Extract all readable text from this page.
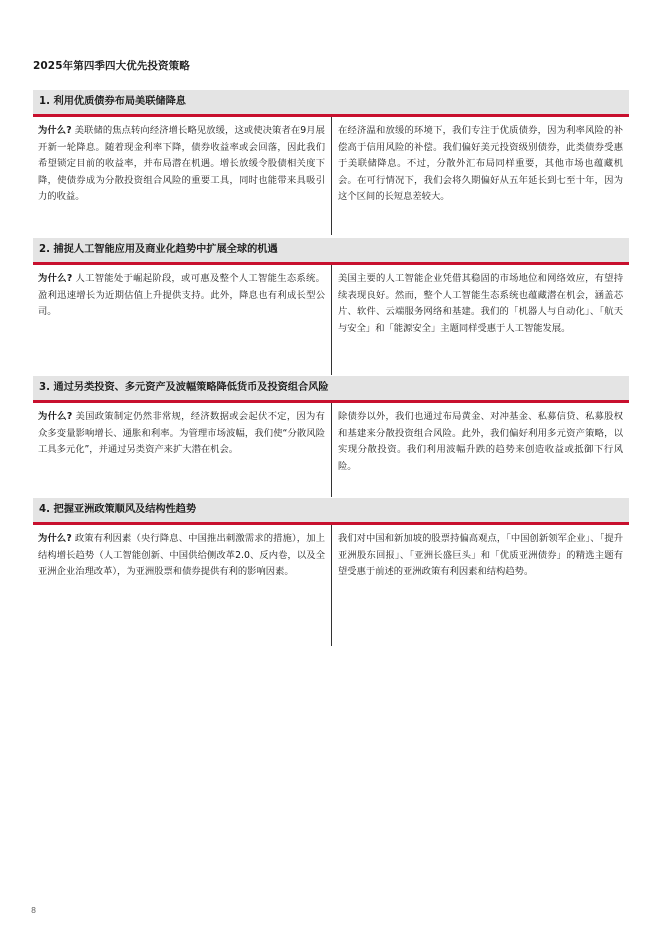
2025年第四季四大优先投资策略
1. 利用优质债券布局美联储降息
为什么? 美联储的焦点转向经济增长略见放缓，这或使决策者在9月展开新一轮降息。随着现金利率下降，债券收益率或会回落，因此我们希望锁定目前的收益率，并布局潜在机遇。增长放缓令股债相关度下降，使债券成为分散投资组合风险的重要工具，同时也能带来具吸引力的收益。
在经济温和放缓的环境下，我们专注于优质债券，因为利率风险的补偿高于信用风险的补偿。我们偏好美元投资级别债券，此类债券受惠于美联储降息。不过，分散外汇布局同样重要，其他市场也蕴藏机会。在可行情况下，我们会将久期偏好从五年延长到七至十年，因为这个区间的长短息差较大。
2. 捕捉人工智能应用及商业化趋势中扩展全球的机遇
为什么? 人工智能处于崛起阶段，或可惠及整个人工智能生态系统。盈利迅速增长为近期估值上升提供支持。此外，降息也有利成长型公司。
美国主要的人工智能企业凭借其稳固的市场地位和网络效应，有望持续表现良好。然而，整个人工智能生态系统也蕴藏潜在机会，涵盖芯片、软件、云端服务网络和基建。我们的「机器人与自动化」、「航天与安全」和「能源安全」主题同样受惠于人工智能发展。
3. 通过另类投资、多元资产及波幅策略降低货币及投资组合风险
为什么? 美国政策制定仍然非常规，经济数据或会起伏不定，因为有众多变量影响增长、通胀和利率。为管理市场波幅，我们使“分散风险工具多元化”，并通过另类资产来扩大潜在机会。
除债券以外，我们也通过布局黄金、对冲基金、私募信贷、私募股权和基建来分散投资组合风险。此外，我们偏好利用多元资产策略，以实现分散投资。我们利用波幅升跌的趋势来创造收益或抵御下行风险。
4. 把握亚洲政策顺风及结构性趋势
为什么? 政策有利因素（央行降息、中国推出刺激需求的措施），加上结构增长趋势（人工智能创新、中国供给侧改革2.0、反内卷，以及全亚洲企业治理改革），为亚洲股票和债券提供有利的影响因素。
我们对中国和新加坡的股票持偏高观点，「中国创新领军企业」、「提升亚洲股东回报」、「亚洲长盛巨头」和「优质亚洲债券」的精选主题有望受惠于前述的亚洲政策有利因素和结构趋势。
8
